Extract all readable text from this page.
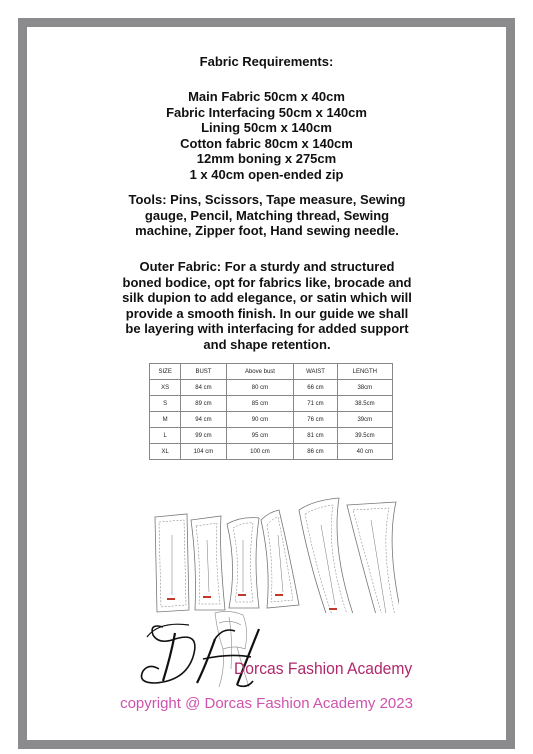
Fabric Requirements:
Main Fabric 50cm x 40cm
Fabric Interfacing 50cm x 140cm
Lining 50cm x 140cm
Cotton fabric 80cm x 140cm
12mm boning x 275cm
1 x 40cm open-ended zip
Tools: Pins, Scissors, Tape measure, Sewing gauge, Pencil, Matching thread, Sewing machine, Zipper foot, Hand sewing needle.
Outer Fabric: For a sturdy and structured boned bodice, opt for fabrics like, brocade and silk dupion to add elegance, or satin which will provide a smooth finish. In our guide we shall be layering with interfacing for added support and shape retention.
SIZE	BUST	Above bust	WAIST	LENGTH
XS	84 cm	80 cm	66 cm	38cm
S	89 cm	85 cm	71 cm	38.5cm
M	94 cm	90 cm	76 cm	39cm
L	99 cm	95 cm	81 cm	39.5cm
XL	104 cm	100 cm	86 cm	40 cm
Dorcas Fashion Academy
copyright @ Dorcas Fashion Academy 2023
